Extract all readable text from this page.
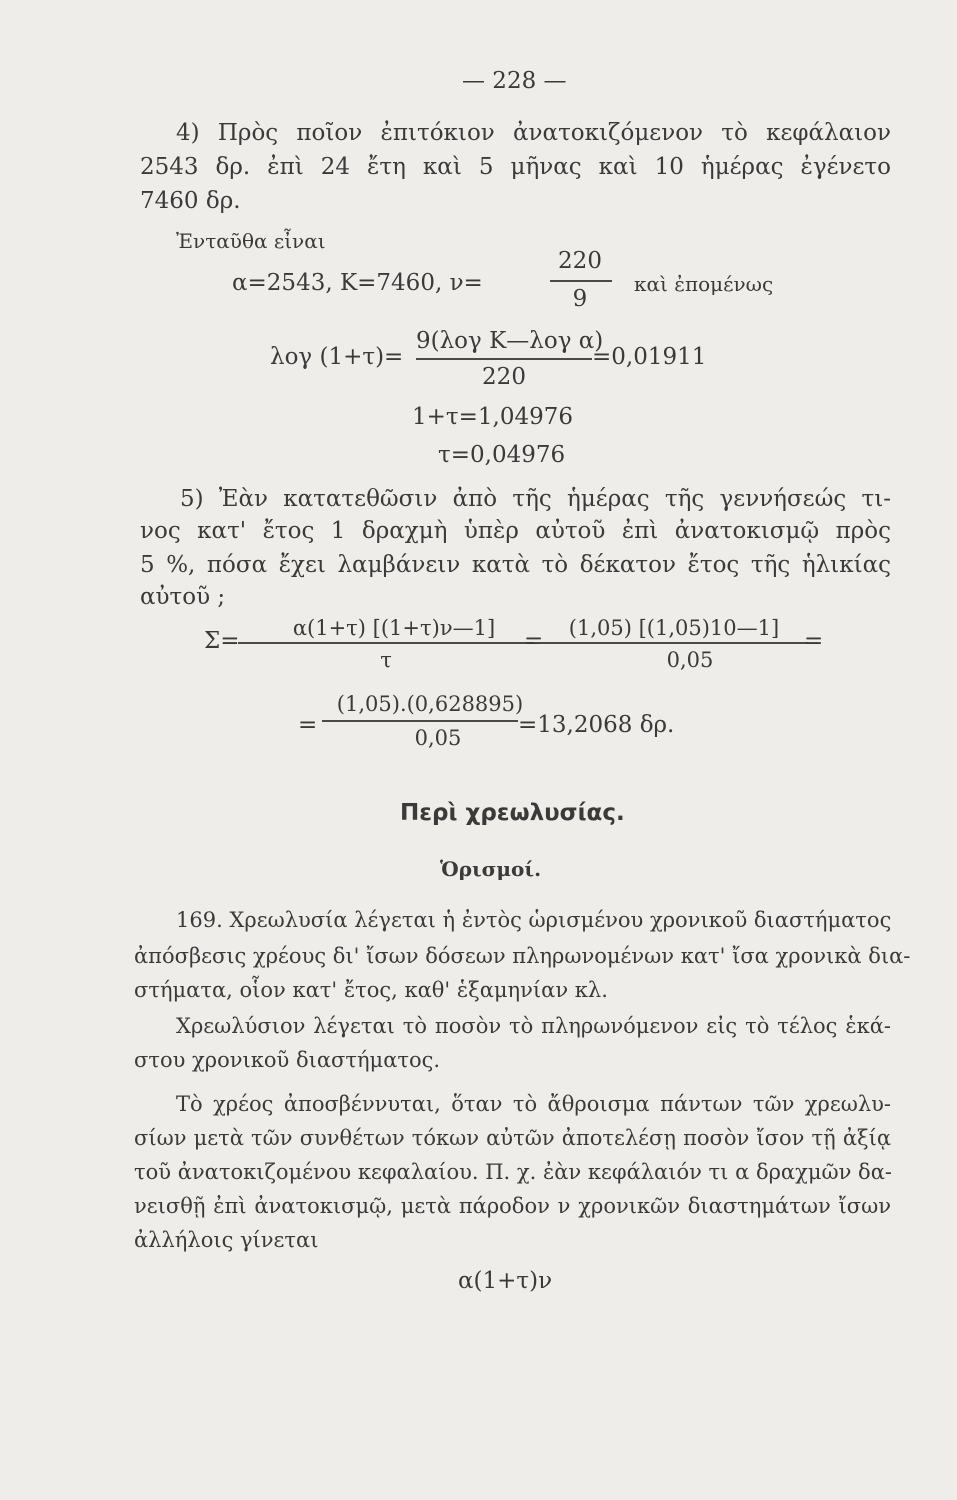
— 228 —
4) Πρὸς ποῖον ἐπιτόκιον ἀνατοκιζόμενον τὸ κεφάλαιον
2543 δρ. ἐπὶ 24 ἔτη καὶ 5 μῆνας καὶ 10 ἡμέρας ἐγένετο
7460 δρ.
Ἐνταῦθα εἶναι
α=2543, Κ=7460, ν=
220
9
καὶ ἐπομένως
λογ (1+τ)=
9(λογ Κ—λογ α)
220
=0,01911
1+τ=1,04976
τ=0,04976
5) Ἐὰν κατατεθῶσιν ἀπὸ τῆς ἡμέρας τῆς γεννήσεώς τι-
νος κατ' ἔτος 1 δραχμὴ ὑπὲρ αὐτοῦ ἐπὶ ἀνατοκισμῷ πρὸς
5 %, πόσα ἔχει λαμβάνειν κατὰ τὸ δέκατον ἔτος τῆς ἡλικίας
αὐτοῦ ;
Σ=	α(1+τ) [(1+τ)ν—1]
τ
=	(1,05) [(1,05)10—1]
0,05
=
=
(1,05).(0,628895)
0,05	=13,2068 δρ.
Περὶ χρεωλυσίας.
Ὁρισμοί.
169. Χρεωλυσία λέγεται ἡ ἐντὸς ὡρισμένου χρονικοῦ διαστήματος
ἀπόσβεσις χρέους δι' ἴσων δόσεων πληρωνομένων κατ' ἴσα χρονικὰ δια-
στήματα, οἷον κατ' ἔτος, καθ' ἑξαμηνίαν κλ.
Χρεωλύσιον λέγεται τὸ ποσὸν τὸ πληρωνόμενον εἰς τὸ τέλος ἑκά-
στου χρονικοῦ διαστήματος.
Τὸ χρέος ἀποσβέννυται, ὅταν τὸ ἄθροισμα πάντων τῶν χρεωλυ-
σίων μετὰ τῶν συνθέτων τόκων αὐτῶν ἀποτελέσῃ ποσὸν ἴσον τῇ ἀξίᾳ
τοῦ ἀνατοκιζομένου κεφαλαίου. Π. χ. ἐὰν κεφάλαιόν τι α δραχμῶν δα-
νεισθῇ ἐπὶ ἀνατοκισμῷ, μετὰ πάροδον ν χρονικῶν διαστημάτων ἴσων
ἀλλήλοις γίνεται
α(1+τ)ν
